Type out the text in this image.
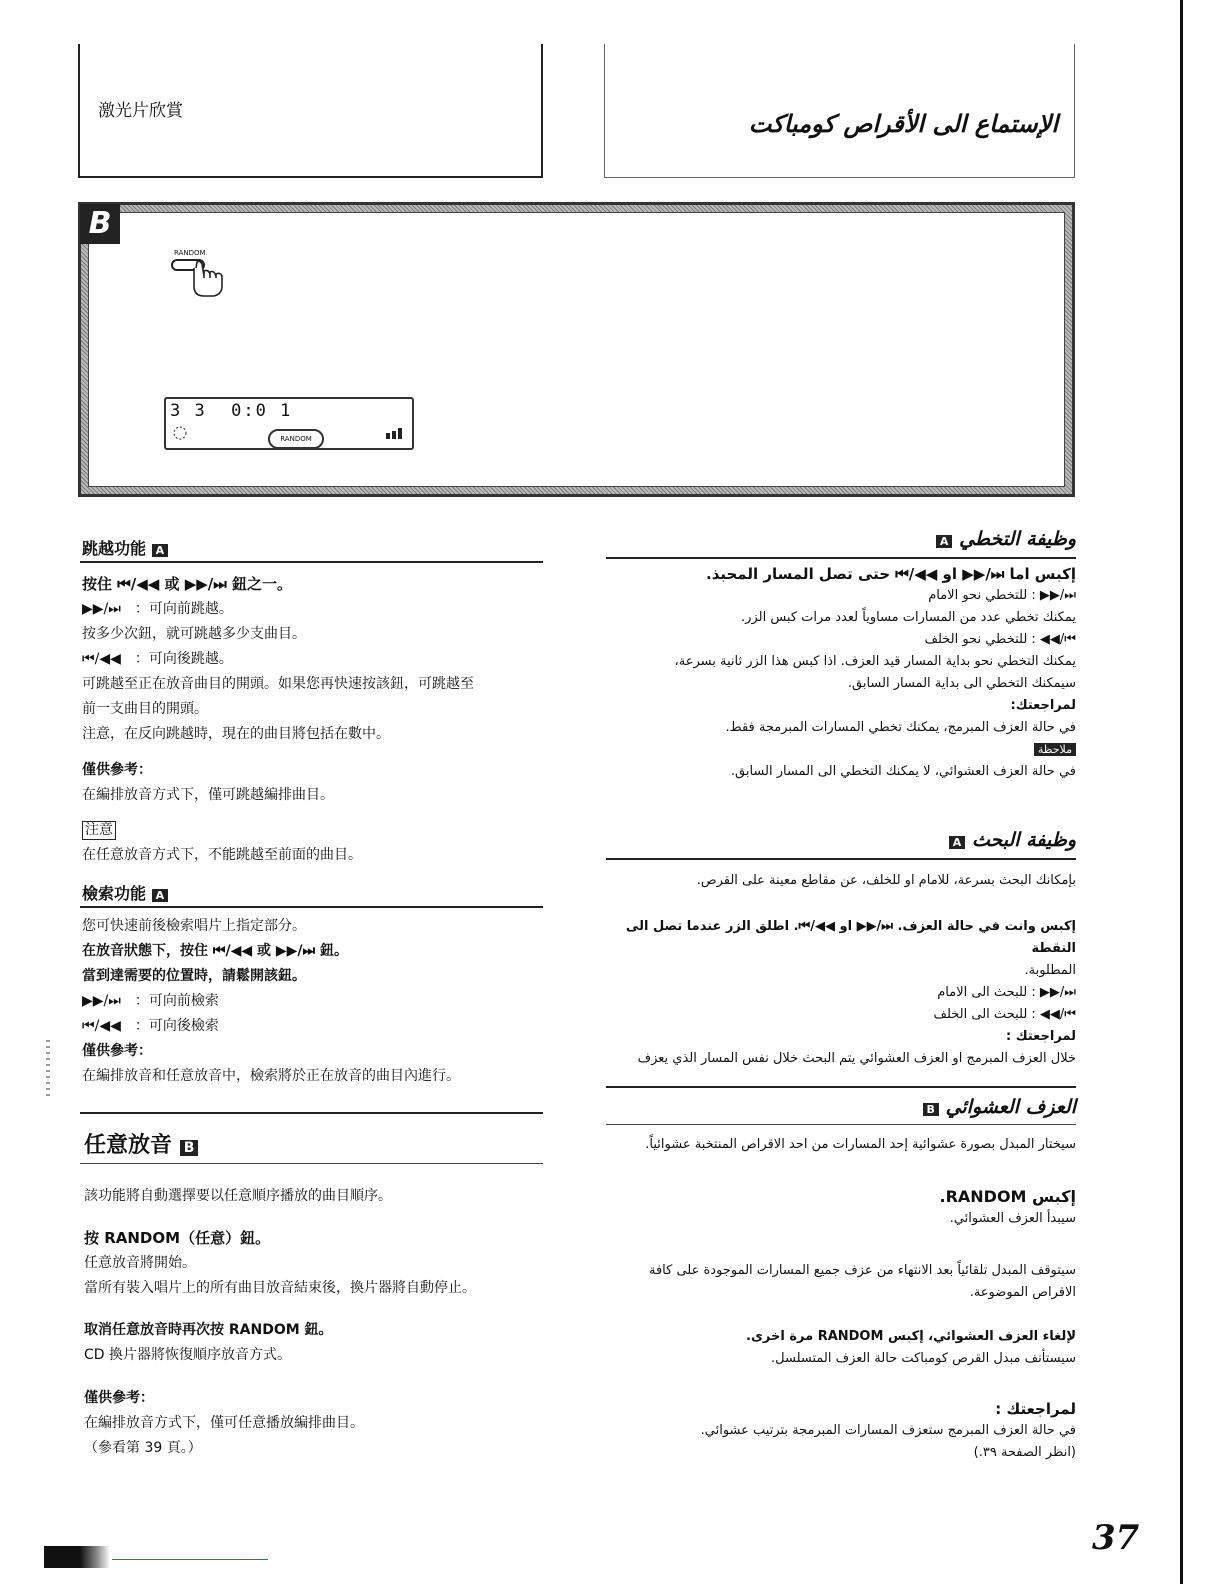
激光片欣賞	الإستماع الى الأقراص كومباكت
B
RANDOM
3 3  0:0 1
RANDOM
跳越功能 A
按住 ⏮/◀◀ 或 ▶▶/⏭ 鈕之一。
▶▶/⏭　：可向前跳越。
按多少次鈕，就可跳越多少支曲目。
⏮/◀◀　：可向後跳越。
可跳越至正在放音曲目的開頭。如果您再快速按該鈕，可跳越至
前一支曲目的開頭。
注意，在反向跳越時，現在的曲目將包括在數中。
僅供參考：
在編排放音方式下，僅可跳越編排曲目。
注意
在任意放音方式下，不能跳越至前面的曲目。
檢索功能 A
您可快速前後檢索唱片上指定部分。
在放音狀態下，按住 ⏮/◀◀ 或 ▶▶/⏭ 鈕。
當到達需要的位置時，請鬆開該鈕。
▶▶/⏭　：可向前檢索
⏮/◀◀　：可向後檢索
僅供參考：
在編排放音和任意放音中，檢索將於正在放音的曲目內進行。
任意放音 B
該功能將自動選擇要以任意順序播放的曲目順序。
按 RANDOM（任意）鈕。
任意放音將開始。
當所有裝入唱片上的所有曲目放音結束後，換片器將自動停止。
取消任意放音時再次按 RANDOM 鈕。
CD 換片器將恢復順序放音方式。
僅供參考：
在編排放音方式下，僅可任意播放編排曲目。
（參看第 39 頁。）
وظيفة التخطي A
إكبس اما ⏭/▶▶ او ◀◀/⏮ حتى تصل المسار المحبذ.
⏭/▶▶ : للتخطي نحو الامام
يمكنك تخطي عدد من المسارات مساوياً لعدد مرات كبس الزر.
⏮/◀◀ : للتخطي نحو الخلف
يمكنك التخطي نحو بداية المسار قيد العزف. اذا كبس هذا الزر ثانية بسرعة،
سيمكنك التخطي الى بداية المسار السابق.
لمراجعتك:
في حالة العزف المبرمج، يمكنك تخطي المسارات المبرمجة فقط.
ملاحظة
في حالة العزف العشوائي، لا يمكنك التخطي الى المسار السابق.
وظيفة البحث A
بإمكانك البحث بسرعة، للامام او للخلف، عن مقاطع معينة على القرص.
إكبس وانت في حالة العزف. ⏭/▶▶ او ◀◀/⏮. اطلق الزر عندما تصل الى النقطة
المطلوبة.
⏭/▶▶ : للبحث الى الامام
⏮/◀◀ : للبحث الى الخلف
لمراجعتك :
خلال العزف المبرمج او العزف العشوائي يتم البحث خلال نفس المسار الذي يعزف
العزف العشوائي B
سيختار المبدل بصورة عشوائية إحد المسارات من احد الاقراص المنتخبة عشوائياً.
إكبس RANDOM.
سيبدأ العزف العشوائي.
سيتوقف المبدل تلقائياً بعد الانتهاء من عزف جميع المسارات الموجودة على كافة
الاقراص الموضوعة.
لإلغاء العزف العشوائي، إكبس RANDOM مرة اخرى.
سيستأنف مبدل القرص كومباكت حالة العزف المتسلسل.
لمراجعتك :
في حالة العزف المبرمج ستعزف المسارات المبرمجة بترتيب عشوائي.
(انظر الصفحة ٣٩.)
37
